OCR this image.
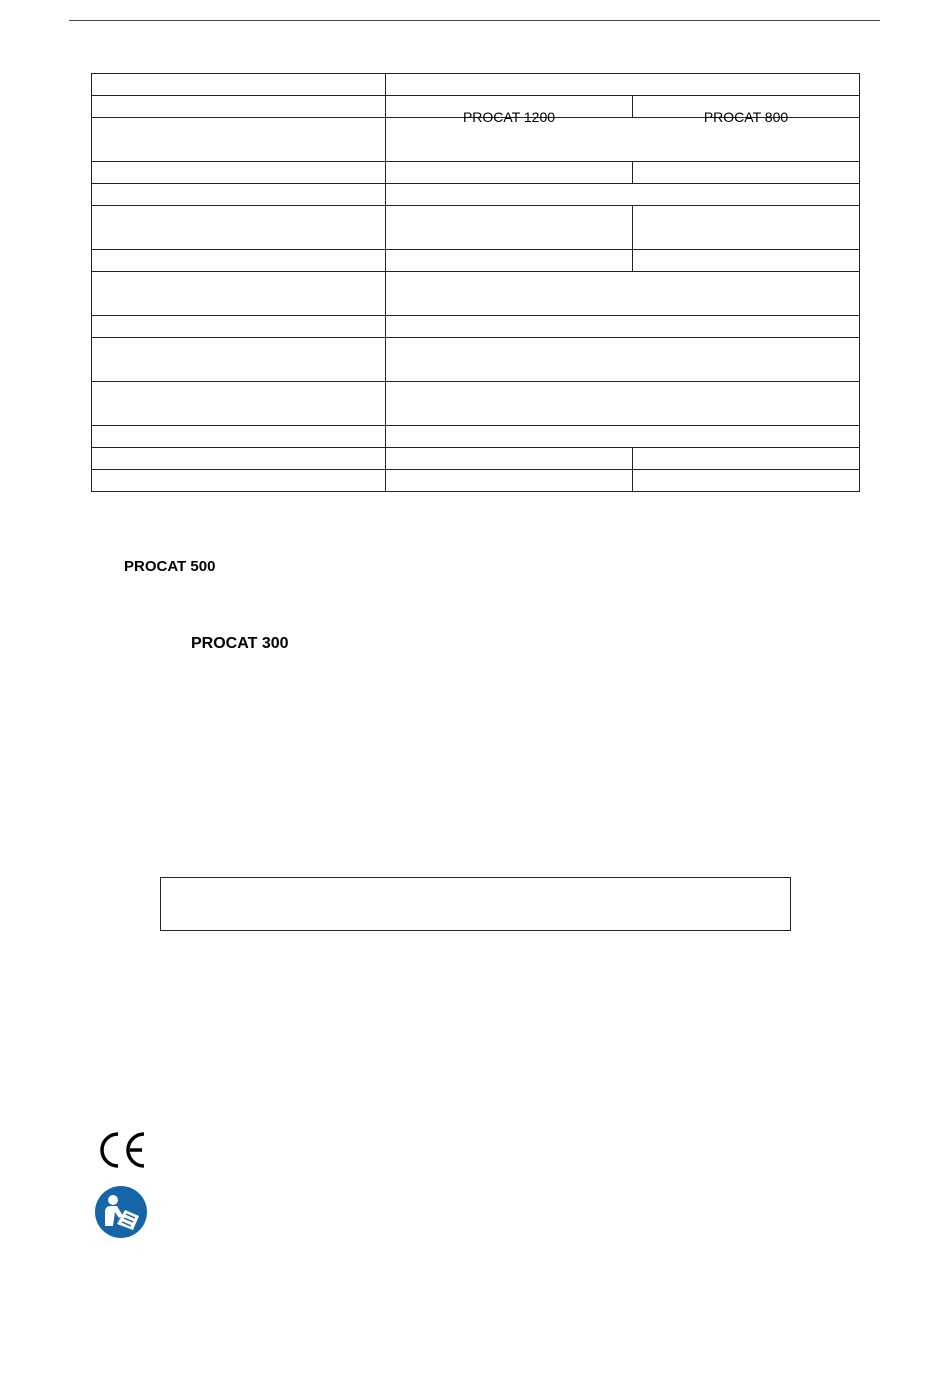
	PROCAT 1200	PROCAT 800

PROCAT 500
PROCAT 300
